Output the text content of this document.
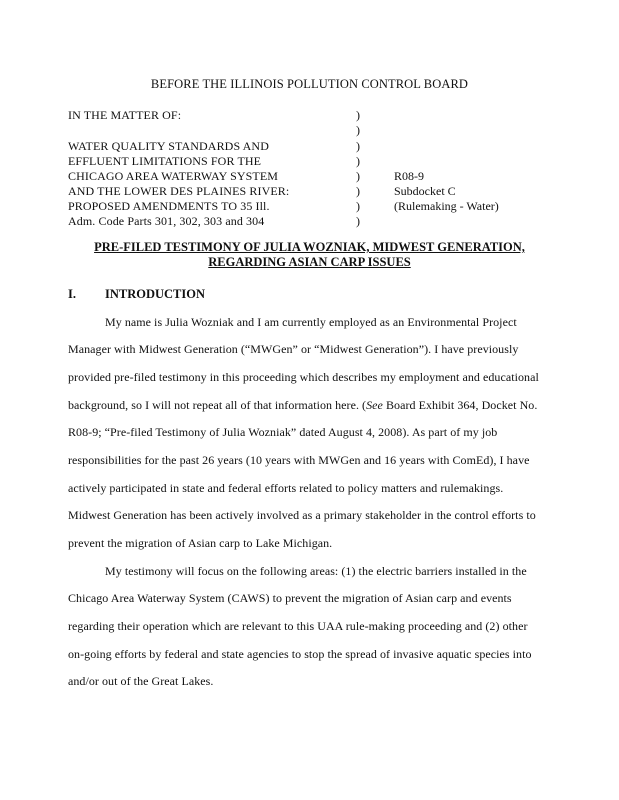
BEFORE THE ILLINOIS POLLUTION CONTROL BOARD
IN THE MATTER OF:
WATER QUALITY STANDARDS AND
EFFLUENT LIMITATIONS FOR THE
CHICAGO AREA WATERWAY SYSTEM
AND THE LOWER DES PLAINES RIVER:
PROPOSED AMENDMENTS TO 35 Ill.
Adm. Code Parts 301, 302, 303 and 304
)
)
)
)
)
)
)
)
R08-9
Subdocket C
(Rulemaking - Water)
PRE-FILED TESTIMONY OF JULIA WOZNIAK, MIDWEST GENERATION,
REGARDING ASIAN CARP ISSUES
I. INTRODUCTION
My name is Julia Wozniak and I am currently employed as an Environmental Project
Manager with Midwest Generation (“MWGen” or “Midwest Generation”). I have previously
provided pre-filed testimony in this proceeding which describes my employment and educational
background, so I will not repeat all of that information here. (See Board Exhibit 364, Docket No.
R08-9; “Pre-filed Testimony of Julia Wozniak” dated August 4, 2008). As part of my job
responsibilities for the past 26 years (10 years with MWGen and 16 years with ComEd), I have
actively participated in state and federal efforts related to policy matters and rulemakings.
Midwest Generation has been actively involved as a primary stakeholder in the control efforts to
prevent the migration of Asian carp to Lake Michigan.
My testimony will focus on the following areas: (1) the electric barriers installed in the
Chicago Area Waterway System (CAWS) to prevent the migration of Asian carp and events
regarding their operation which are relevant to this UAA rule-making proceeding and (2) other
on-going efforts by federal and state agencies to stop the spread of invasive aquatic species into
and/or out of the Great Lakes.
